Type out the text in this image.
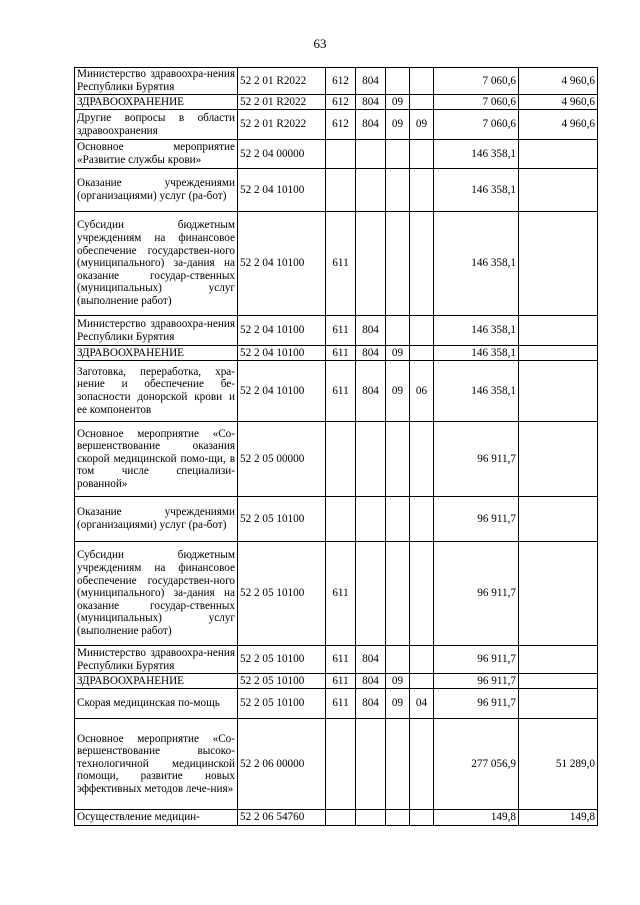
63
Министерство здравоохра-нения Республики Бурятия	52 2 01 R2022	612	804			7 060,6	4 960,6
ЗДРАВООХРАНЕНИЕ	52 2 01 R2022	612	804	09		7 060,6	4 960,6
Другие вопросы в области здравоохранения	52 2 01 R2022	612	804	09	09	7 060,6	4 960,6
Основное мероприятие «Развитие службы крови»	52 2 04 00000					146 358,1	
Оказание учреждениями (организациями) услуг (ра-бот)	52 2 04 10100					146 358,1	
Субсидии бюджетным учреждениям на финансовое обеспечение государствен-ного (муниципального) за-дания на оказание государ-ственных (муниципальных) услуг (выполнение работ)	52 2 04 10100	611				146 358,1	
Министерство здравоохра-нения Республики Бурятия	52 2 04 10100	611	804			146 358,1	
ЗДРАВООХРАНЕНИЕ	52 2 04 10100	611	804	09		146 358,1	
Заготовка, переработка, хра-нение и обеспечение бе-зопасности донорской крови и ее компонентов	52 2 04 10100	611	804	09	06	146 358,1	
Основное мероприятие «Со-вершенствование оказания скорой медицинской помо-щи, в том числе специализи-рованной»	52 2 05 00000					96 911,7	
Оказание учреждениями (организациями) услуг (ра-бот)	52 2 05 10100					96 911,7	
Субсидии бюджетным учреждениям на финансовое обеспечение государствен-ного (муниципального) за-дания на оказание государ-ственных (муниципальных) услуг (выполнение работ)	52 2 05 10100	611				96 911,7	
Министерство здравоохра-нения Республики Бурятия	52 2 05 10100	611	804			96 911,7	
ЗДРАВООХРАНЕНИЕ	52 2 05 10100	611	804	09		96 911,7	
Скорая медицинская по-мощь	52 2 05 10100	611	804	09	04	96 911,7	
Основное мероприятие «Со-вершенствование высоко-технологичной медицинской помощи, развитие новых эффективных методов лече-ния»	52 2 06 00000					277 056,9	51 289,0
Осуществление медицин-	52 2 06 54760					149,8	149,8
